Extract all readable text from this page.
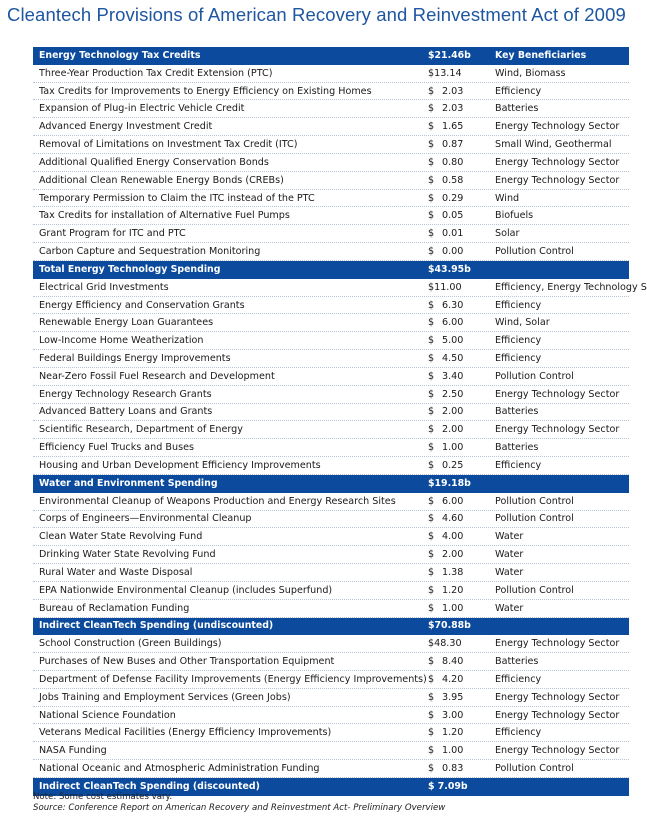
Cleantech Provisions of American Recovery and Reinvestment Act of 2009
Energy Technology Tax Credits	$21.46b	Key Beneficiaries
Three-Year Production Tax Credit Extension (PTC)	$13.14	Wind, Biomass
Tax Credits for Improvements to Energy Efficiency on Existing Homes	$ 2.03	Efficiency
Expansion of Plug-in Electric Vehicle Credit	$ 2.03	Batteries
Advanced Energy Investment Credit	$ 1.65	Energy Technology Sector
Removal of Limitations on Investment Tax Credit (ITC)	$ 0.87	Small Wind, Geothermal
Additional Qualified Energy Conservation Bonds	$ 0.80	Energy Technology Sector
Additional Clean Renewable Energy Bonds (CREBs)	$ 0.58	Energy Technology Sector
Temporary Permission to Claim the ITC instead of the PTC	$ 0.29	Wind
Tax Credits for installation of Alternative Fuel Pumps	$ 0.05	Biofuels
Grant Program for ITC and PTC	$ 0.01	Solar
Carbon Capture and Sequestration Monitoring	$ 0.00	Pollution Control
Total Energy Technology Spending	$43.95b
Electrical Grid Investments	$11.00	Efficiency, Energy Technology S
Energy Efficiency and Conservation Grants	$ 6.30	Efficiency
Renewable Energy Loan Guarantees	$ 6.00	Wind, Solar
Low-Income Home Weatherization	$ 5.00	Efficiency
Federal Buildings Energy Improvements	$ 4.50	Efficiency
Near-Zero Fossil Fuel Research and Development	$ 3.40	Pollution Control
Energy Technology Research Grants	$ 2.50	Energy Technology Sector
Advanced Battery Loans and Grants	$ 2.00	Batteries
Scientific Research, Department of Energy	$ 2.00	Energy Technology Sector
Efficiency Fuel Trucks and Buses	$ 1.00	Batteries
Housing and Urban Development Efficiency Improvements	$ 0.25	Efficiency
Water and Environment Spending	$19.18b
Environmental Cleanup of Weapons Production and Energy Research Sites	$ 6.00	Pollution Control
Corps of Engineers—Environmental Cleanup	$ 4.60	Pollution Control
Clean Water State Revolving Fund	$ 4.00	Water
Drinking Water State Revolving Fund	$ 2.00	Water
Rural Water and Waste Disposal	$ 1.38	Water
EPA Nationwide Environmental Cleanup (includes Superfund)	$ 1.20	Pollution Control
Bureau of Reclamation Funding	$ 1.00	Water
Indirect CleanTech Spending (undiscounted)	$70.88b
School Construction (Green Buildings)	$48.30	Energy Technology Sector
Purchases of New Buses and Other Transportation Equipment	$ 8.40	Batteries
Department of Defense Facility Improvements (Energy Efficiency Improvements) $ 4.20	Efficiency
Jobs Training and Employment Services (Green Jobs)	$ 3.95	Energy Technology Sector
National Science Foundation	$ 3.00	Energy Technology Sector
Veterans Medical Facilities (Energy Efficiency Improvements)	$ 1.20	Efficiency
NASA Funding	$ 1.00	Energy Technology Sector
National Oceanic and Atmospheric Administration Funding	$ 0.83	Pollution Control
Indirect CleanTech Spending (discounted)	$ 7.09b
Note: Some cost estimates vary.
Source: Conference Report on American Recovery and Reinvestment Act- Preliminary Overview
